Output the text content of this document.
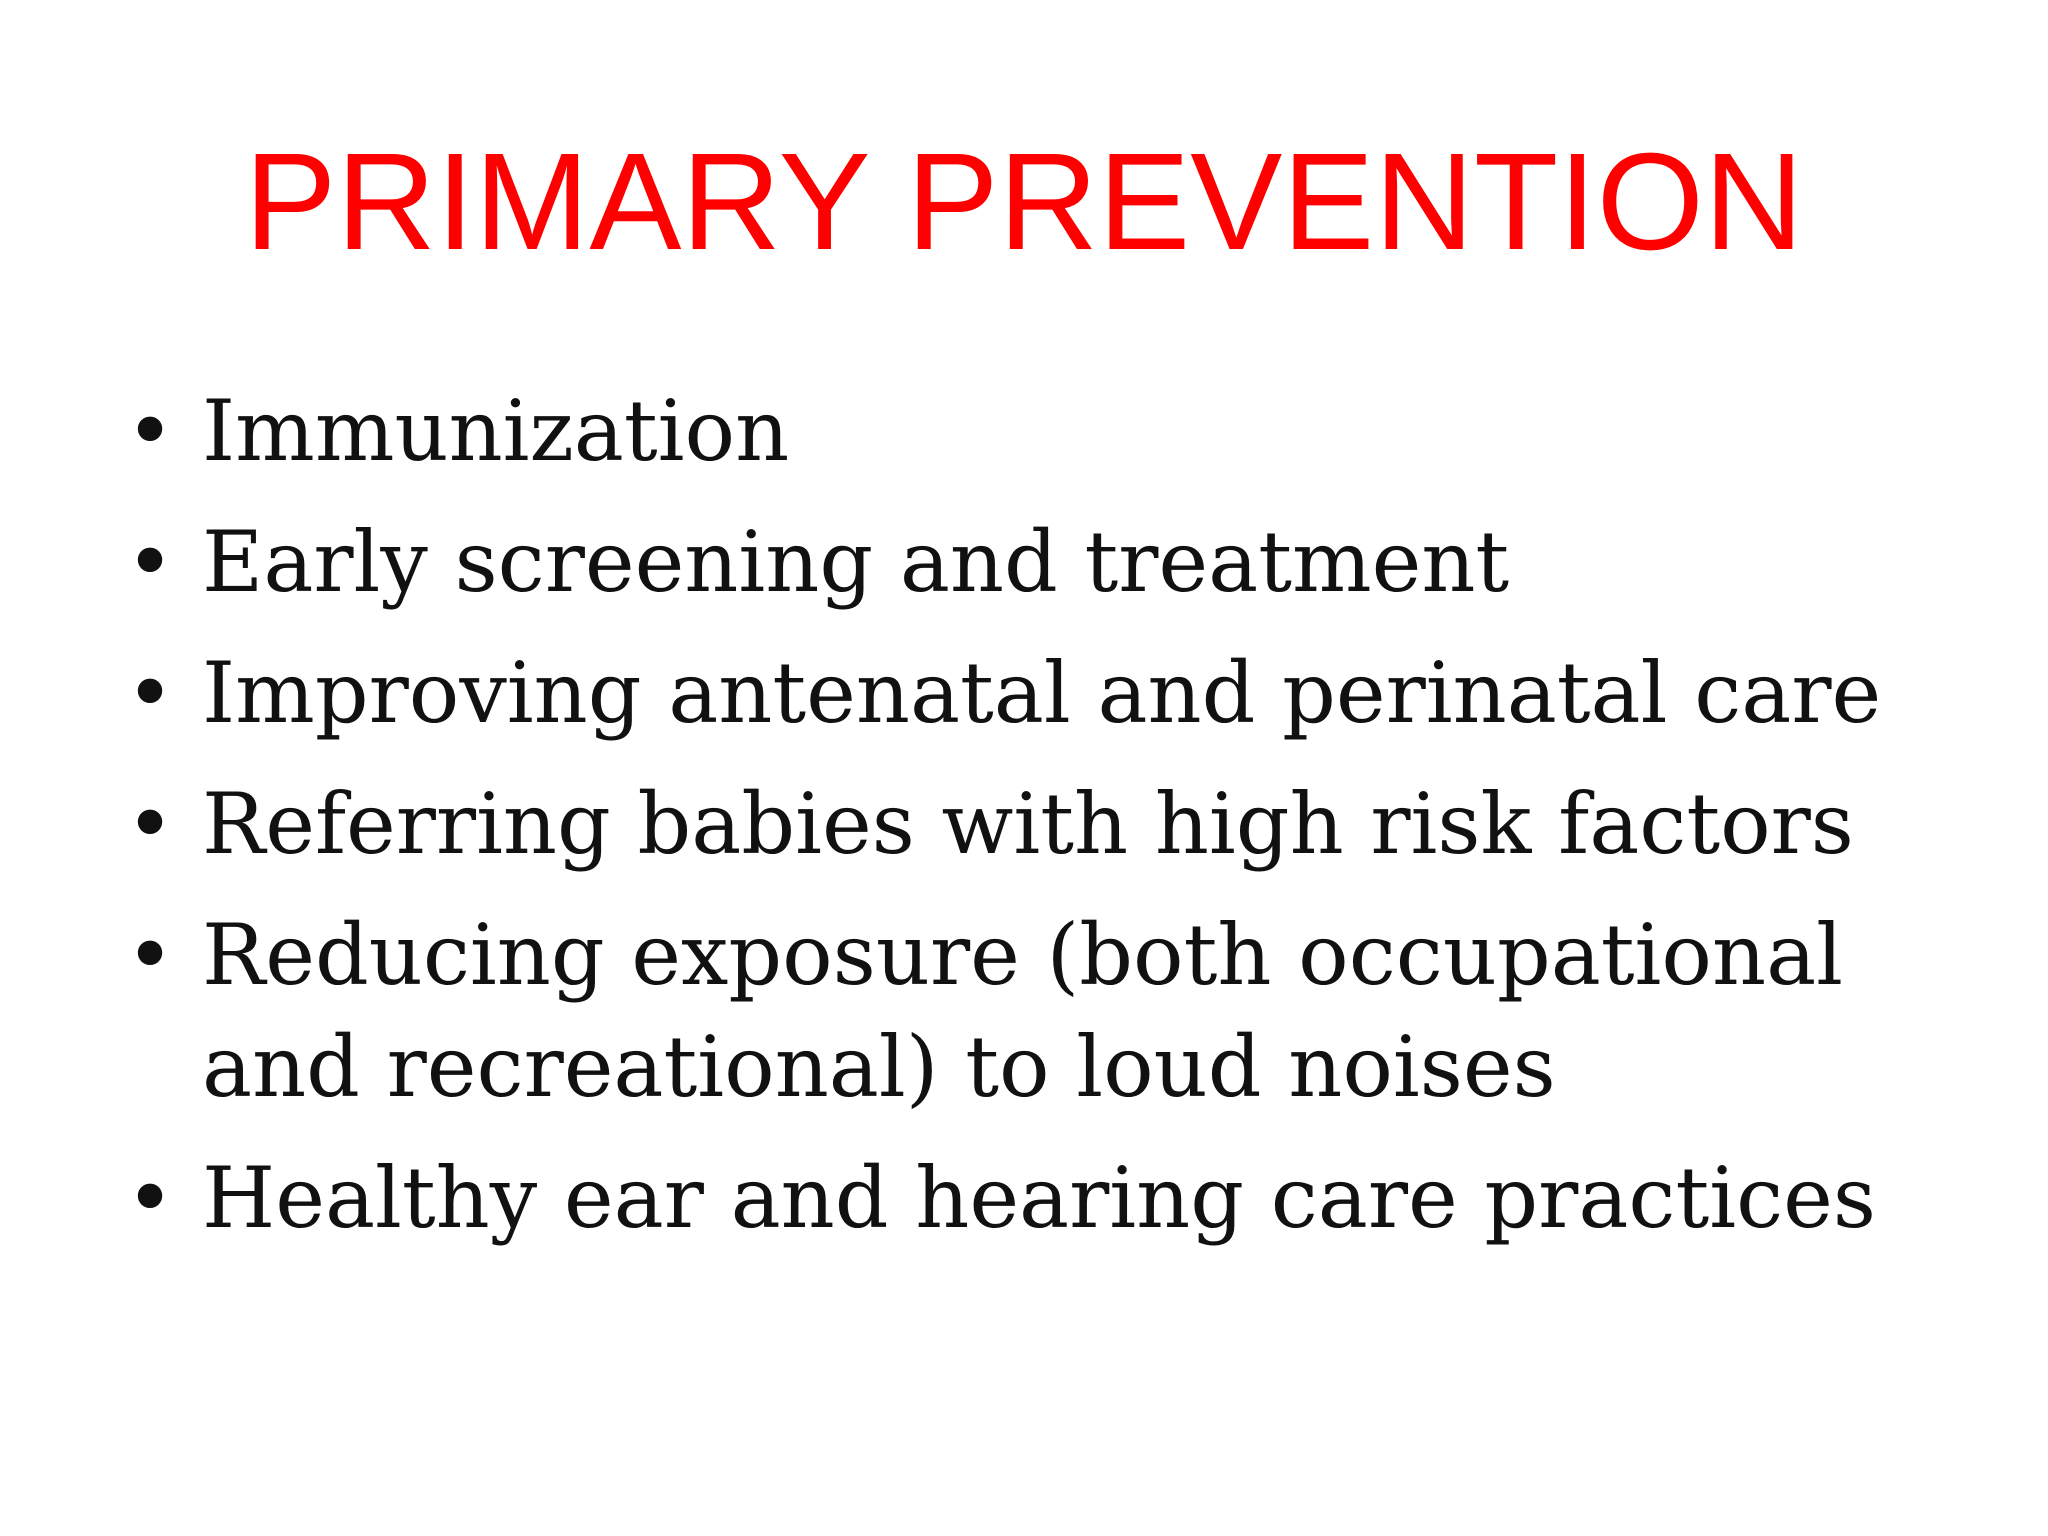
PRIMARY PREVENTION
• Immunization
• Early screening and treatment
• Improving antenatal and perinatal care
• Referring babies with high risk factors
• Reducing exposure (both occupational and recreational) to loud noises
• Healthy ear and hearing care practices
